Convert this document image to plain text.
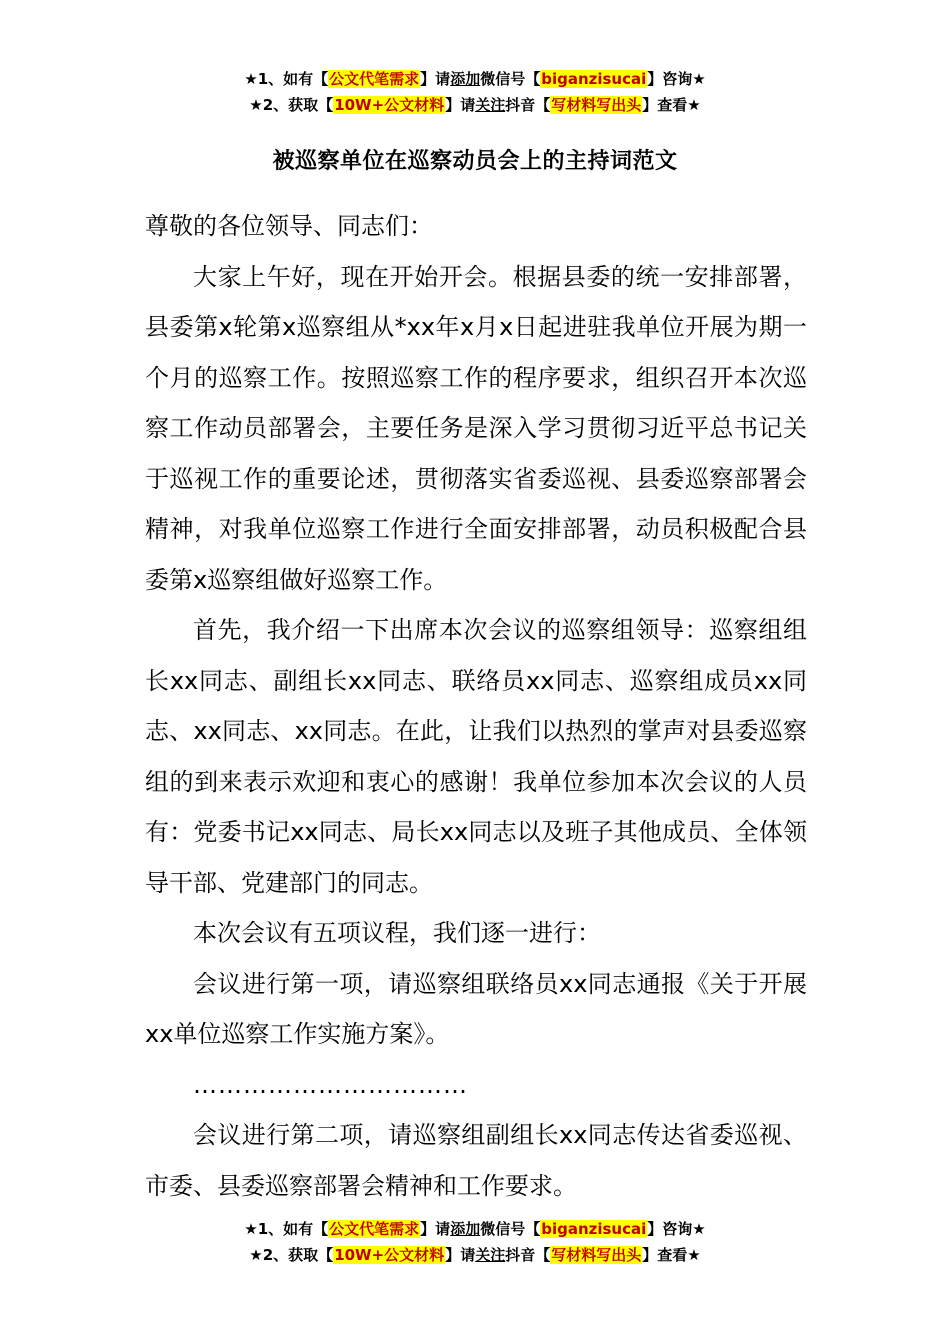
★1、如有【公文代笔需求】请添加微信号【biganzisucai】咨询★
★2、获取【10W+公文材料】请关注抖音【写材料写出头】查看★
被巡察单位在巡察动员会上的主持词范文

尊敬的各位领导、同志们：

大家上午好，现在开始开会。根据县委的统一安排部署，县委第x轮第x巡察组从*xx年x月x日起进驻我单位开展为期一个月的巡察工作。按照巡察工作的程序要求，组织召开本次巡察工作动员部署会，主要任务是深入学习贯彻习近平总书记关于巡视工作的重要论述，贯彻落实省委巡视、县委巡察部署会精神，对我单位巡察工作进行全面安排部署，动员积极配合县委第x巡察组做好巡察工作。

首先，我介绍一下出席本次会议的巡察组领导：巡察组组长xx同志、副组长xx同志、联络员xx同志、巡察组成员xx同志、xx同志、xx同志。在此，让我们以热烈的掌声对县委巡察组的到来表示欢迎和衷心的感谢！我单位参加本次会议的人员有：党委书记xx同志、局长xx同志以及班子其他成员、全体领导干部、党建部门的同志。

本次会议有五项议程，我们逐一进行：

会议进行第一项，请巡察组联络员xx同志通报《关于开展xx单位巡察工作实施方案》。

……………………………

会议进行第二项，请巡察组副组长xx同志传达省委巡视、市委、县委巡察部署会精神和工作要求。

★1、如有【公文代笔需求】请添加微信号【biganzisucai】咨询★
★2、获取【10W+公文材料】请关注抖音【写材料写出头】查看★
